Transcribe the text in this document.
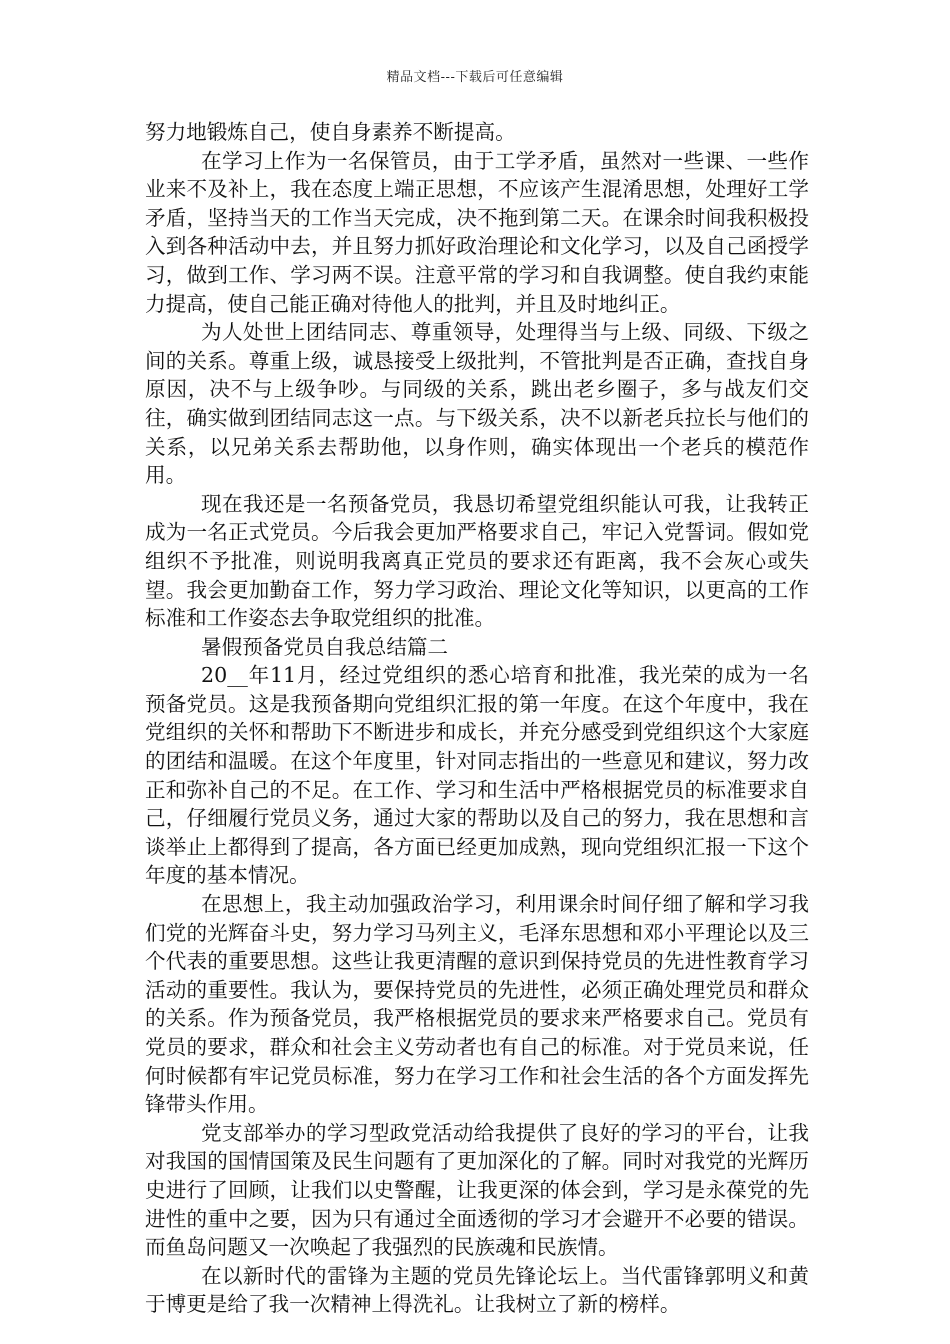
精品文档---下载后可任意编辑

努力地锻炼自己，使自身素养不断提高。

在学习上作为一名保管员，由于工学矛盾，虽然对一些课、一些作业来不及补上，我在态度上端正思想，不应该产生混淆思想，处理好工学矛盾，坚持当天的工作当天完成，决不拖到第二天。在课余时间我积极投入到各种活动中去，并且努力抓好政治理论和文化学习，以及自己函授学习，做到工作、学习两不误。注意平常的学习和自我调整。使自我约束能力提高，使自己能正确对待他人的批判，并且及时地纠正。

为人处世上团结同志、尊重领导，处理得当与上级、同级、下级之间的关系。尊重上级，诚恳接受上级批判，不管批判是否正确，查找自身原因，决不与上级争吵。与同级的关系，跳出老乡圈子，多与战友们交往，确实做到团结同志这一点。与下级关系，决不以新老兵拉长与他们的关系，以兄弟关系去帮助他，以身作则，确实体现出一个老兵的模范作用。

现在我还是一名预备党员，我恳切希望党组织能认可我，让我转正成为一名正式党员。今后我会更加严格要求自己，牢记入党誓词。假如党组织不予批准，则说明我离真正党员的要求还有距离，我不会灰心或失望。我会更加勤奋工作，努力学习政治、理论文化等知识，以更高的工作标准和工作姿态去争取党组织的批准。

暑假预备党员自我总结篇二

20__年11月，经过党组织的悉心培育和批准，我光荣的成为一名预备党员。这是我预备期向党组织汇报的第一年度。在这个年度中，我在党组织的关怀和帮助下不断进步和成长，并充分感受到党组织这个大家庭的团结和温暖。在这个年度里，针对同志指出的一些意见和建议，努力改正和弥补自己的不足。在工作、学习和生活中严格根据党员的标准要求自己，仔细履行党员义务，通过大家的帮助以及自己的努力，我在思想和言谈举止上都得到了提高，各方面已经更加成熟，现向党组织汇报一下这个年度的基本情况。

在思想上，我主动加强政治学习，利用课余时间仔细了解和学习我们党的光辉奋斗史，努力学习马列主义，毛泽东思想和邓小平理论以及三个代表的重要思想。这些让我更清醒的意识到保持党员的先进性教育学习活动的重要性。我认为，要保持党员的先进性，必须正确处理党员和群众的关系。作为预备党员，我严格根据党员的要求来严格要求自己。党员有党员的要求，群众和社会主义劳动者也有自己的标准。对于党员来说，任何时候都有牢记党员标准，努力在学习工作和社会生活的各个方面发挥先锋带头作用。

党支部举办的学习型政党活动给我提供了良好的学习的平台，让我对我国的国情国策及民生问题有了更加深化的了解。同时对我党的光辉历史进行了回顾，让我们以史警醒，让我更深的体会到，学习是永葆党的先进性的重中之要，因为只有通过全面透彻的学习才会避开不必要的错误。而鱼岛问题又一次唤起了我强烈的民族魂和民族情。

在以新时代的雷锋为主题的党员先锋论坛上。当代雷锋郭明义和黄于博更是给了我一次精神上得洗礼。让我树立了新的榜样。
